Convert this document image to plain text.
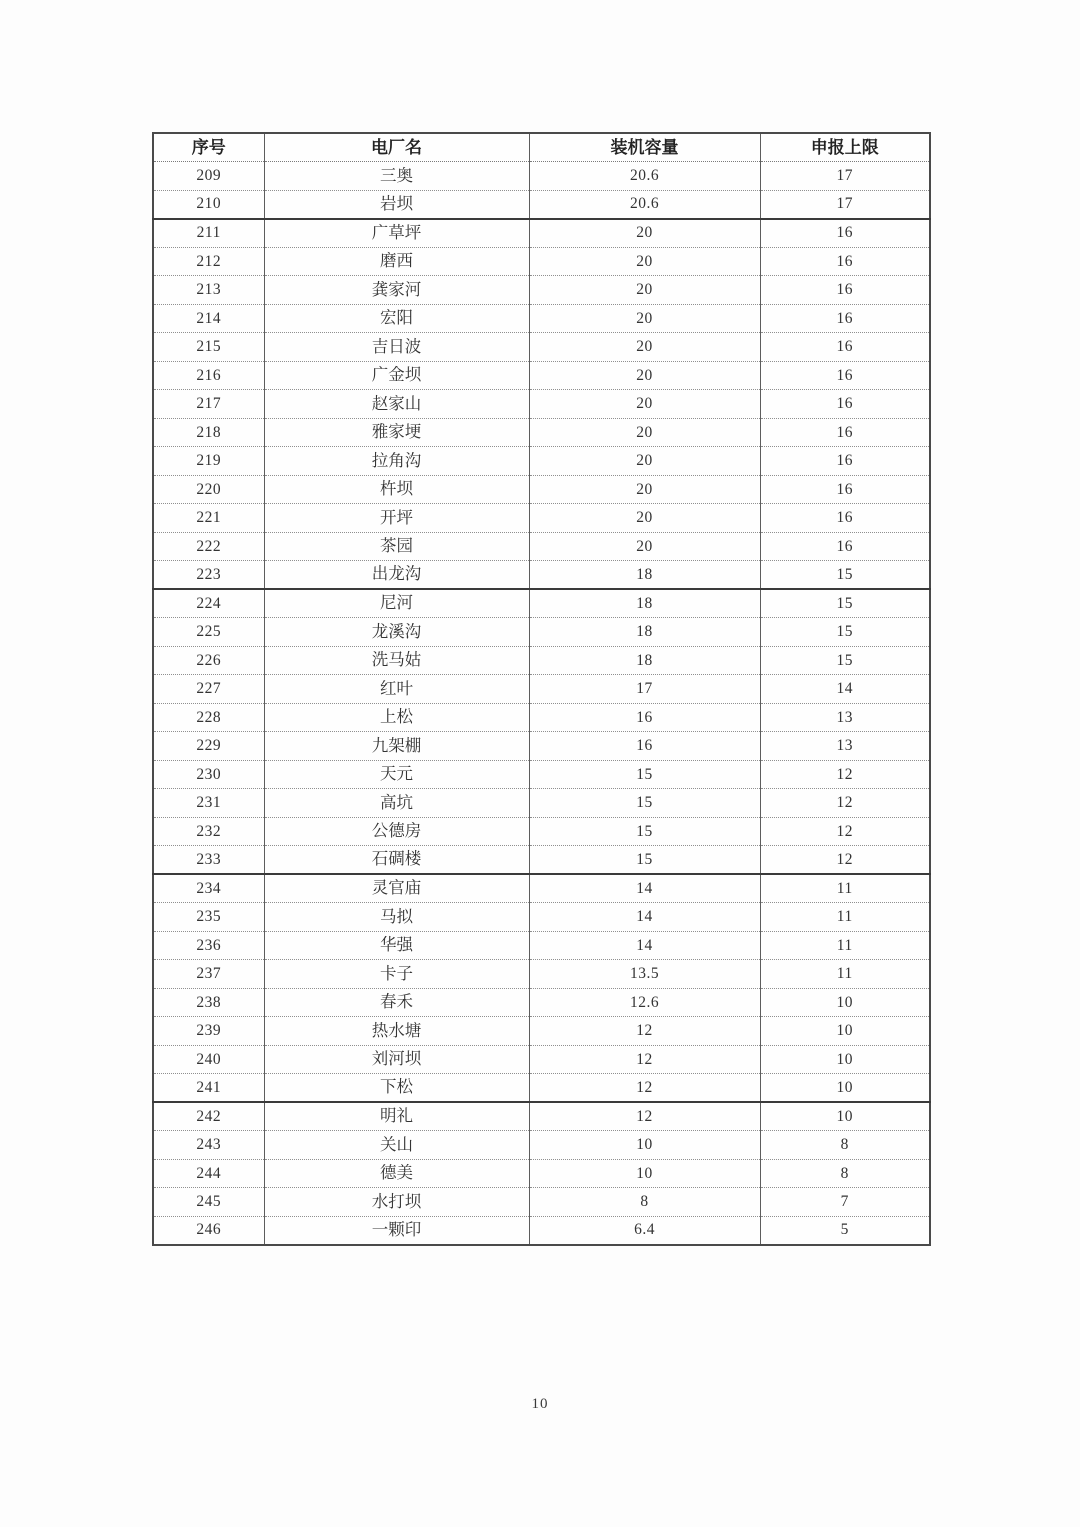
序号	电厂名	装机容量	申报上限
209	三奥	20.6	17
210	岩坝	20.6	17
211	广草坪	20	16
212	磨西	20	16
213	龚家河	20	16
214	宏阳	20	16
215	吉日波	20	16
216	广金坝	20	16
217	赵家山	20	16
218	雅家埂	20	16
219	拉角沟	20	16
220	杵坝	20	16
221	开坪	20	16
222	茶园	20	16
223	出龙沟	18	15
224	尼河	18	15
225	龙溪沟	18	15
226	洗马姑	18	15
227	红叶	17	14
228	上松	16	13
229	九架棚	16	13
230	天元	15	12
231	高坑	15	12
232	公德房	15	12
233	石碉楼	15	12
234	灵官庙	14	11
235	马拟	14	11
236	华强	14	11
237	卡子	13.5	11
238	春禾	12.6	10
239	热水塘	12	10
240	刘河坝	12	10
241	下松	12	10
242	明礼	12	10
243	关山	10	8
244	德美	10	8
245	水打坝	8	7
246	一颗印	6.4	5
10
